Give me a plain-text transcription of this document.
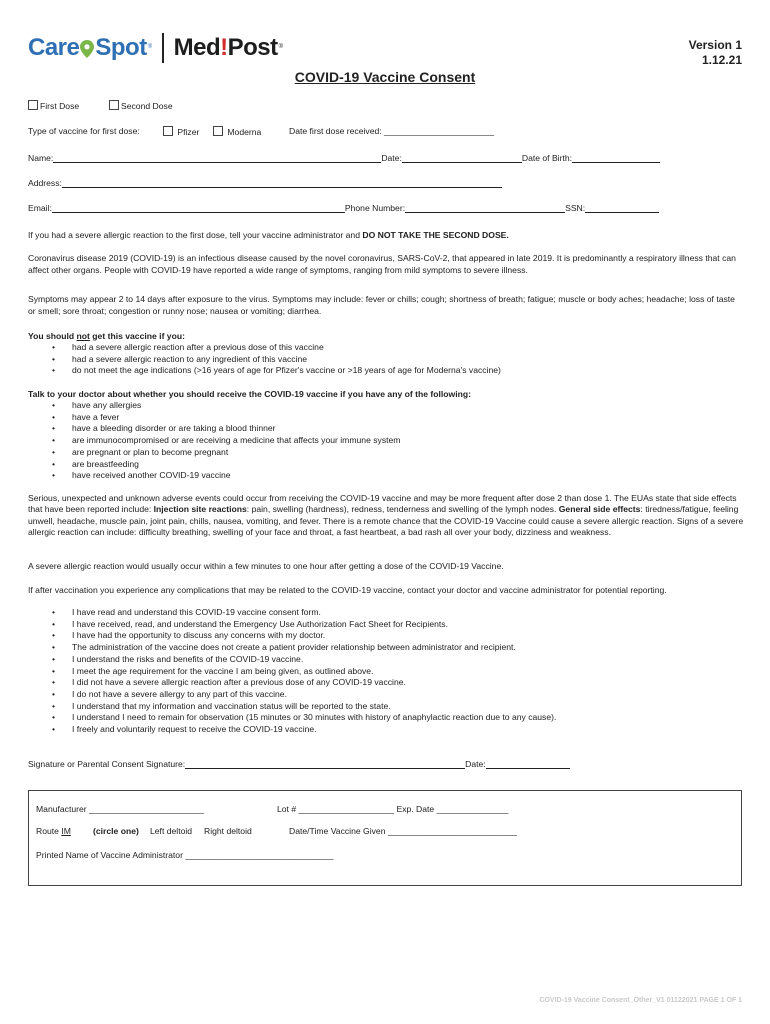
Care Spot ® Med !P ost ®	Version 1
1.12.21
COVID-19 Vaccine Consent
First Dose	Second Dose
Type of vaccine for first dose:	Pfizer	Moderna	Date first dose received: _______________________
Name:	Date:	Date of Birth:
Address:
Email:	Phone Number:	SSN:
If you had a severe allergic reaction to the first dose, tell your vaccine administrator and DO NOT TAKE THE SECOND DOSE.
Coronavirus disease 2019 (COVID-19) is an infectious disease caused by the novel coronavirus, SARS-CoV-2, that appeared in late 2019. It is predominantly a respiratory illness that can affect other organs. People with COVID-19 have reported a wide range of symptoms, ranging from mild symptoms to severe illness.
Symptoms may appear 2 to 14 days after exposure to the virus. Symptoms may include: fever or chills; cough; shortness of breath; fatigue; muscle or body aches; headache; loss of taste or smell; sore throat; congestion or runny nose; nausea or vomiting; diarrhea.
You should not get this vaccine if you:
• had a severe allergic reaction after a previous dose of this vaccine
• had a severe allergic reaction to any ingredient of this vaccine
• do not meet the age indications (>16 years of age for Pfizer's vaccine or >18 years of age for Moderna's vaccine)
Talk to your doctor about whether you should receive the COVID-19 vaccine if you have any of the following:
• have any allergies
• have a fever
• have a bleeding disorder or are taking a blood thinner
• are immunocompromised or are receiving a medicine that affects your immune system
• are pregnant or plan to become pregnant
• are breastfeeding
• have received another COVID-19 vaccine
Serious, unexpected and unknown adverse events could occur from receiving the COVID-19 vaccine and may be more frequent after dose 2 than dose 1. The EUAs state that side effects that have been reported include: Injection site reactions: pain, swelling (hardness), redness, tenderness and swelling of the lymph nodes. General side effects: tiredness/fatigue, feeling unwell, headache, muscle pain, joint pain, chills, nausea, vomiting, and fever. There is a remote chance that the COVID-19 Vaccine could cause a severe allergic reaction. Signs of a severe allergic reaction can include: difficulty breathing, swelling of your face and throat, a fast heartbeat, a bad rash all over your body, dizziness and weakness.
A severe allergic reaction would usually occur within a few minutes to one hour after getting a dose of the COVID-19 Vaccine.
If after vaccination you experience any complications that may be related to the COVID-19 vaccine, contact your doctor and vaccine administrator for potential reporting.
• I have read and understand this COVID-19 vaccine consent form.
• I have received, read, and understand the Emergency Use Authorization Fact Sheet for Recipients.
• I have had the opportunity to discuss any concerns with my doctor.
• The administration of the vaccine does not create a patient provider relationship between administrator and recipient.
• I understand the risks and benefits of the COVID-19 vaccine.
• I meet the age requirement for the vaccine I am being given, as outlined above.
• I did not have a severe allergic reaction after a previous dose of any COVID-19 vaccine.
• I do not have a severe allergy to any part of this vaccine.
• I understand that my information and vaccination status will be reported to the state.
• I understand I need to remain for observation (15 minutes or 30 minutes with history of anaphylactic reaction due to any cause).
• I freely and voluntarily request to receive the COVID-19 vaccine.
Signature or Parental Consent Signature:	Date:
Manufacturer ________________________	Lot # ____________________ Exp. Date _______________
Route IM	(circle one) Left deltoid Right deltoid	Date/Time Vaccine Given ___________________________
Printed Name of Vaccine Administrator _______________________________
COVID-19 Vaccine Consent_Other_V1 01122021 PAGE 1 OF 1
